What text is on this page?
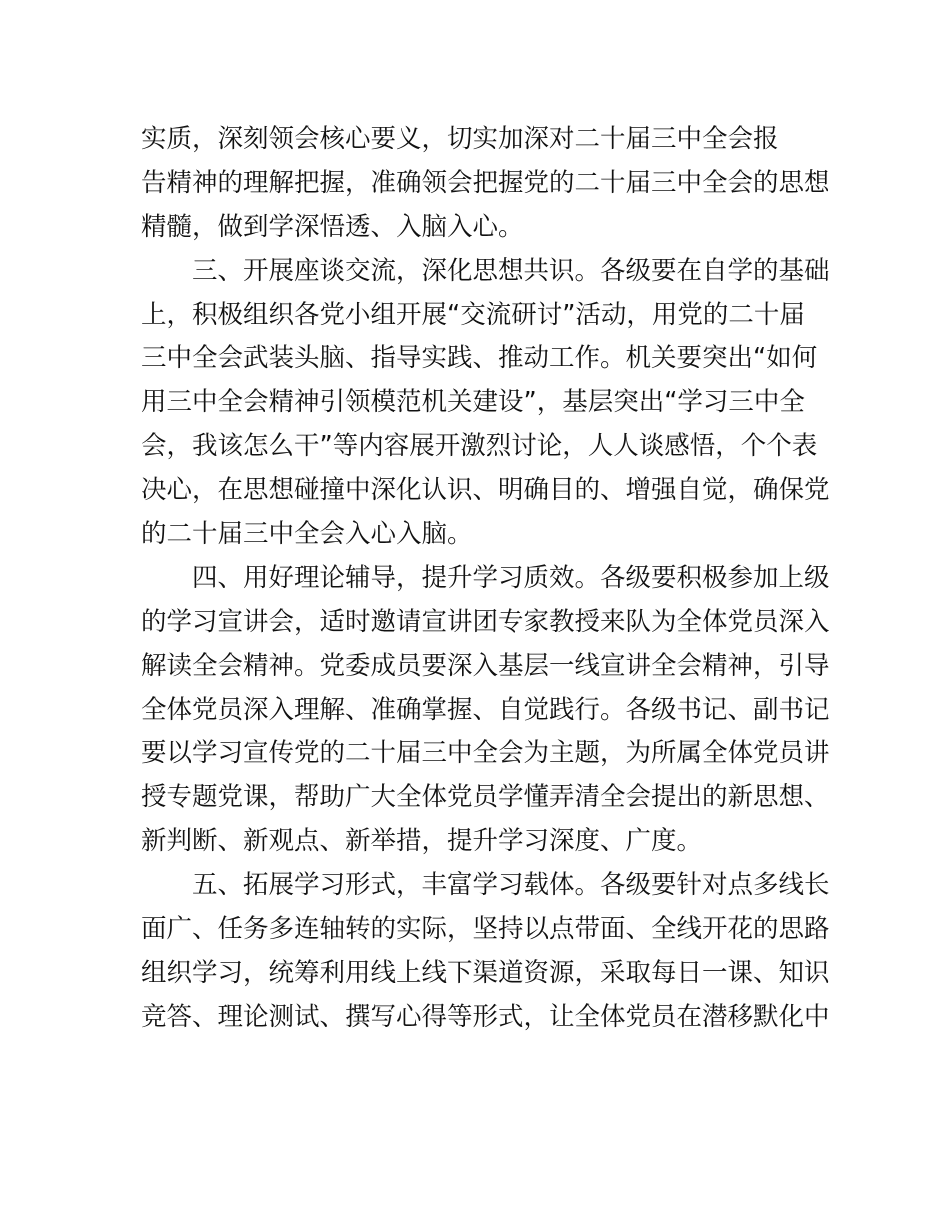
实质，深刻领会核心要义，切实加深对二十届三中全会报
告精神的理解把握，准确领会把握党的二十届三中全会的思想
精髓，做到学深悟透、入脑入心。
三、开展座谈交流，深化思想共识。各级要在自学的基础
上，积极组织各党小组开展“交流研讨”活动，用党的二十届
三中全会武装头脑、指导实践、推动工作。机关要突出“如何
用三中全会精神引领模范机关建设”，基层突出“学习三中全
会，我该怎么干”等内容展开激烈讨论，人人谈感悟，个个表
决心，在思想碰撞中深化认识、明确目的、增强自觉，确保党
的二十届三中全会入心入脑。
四、用好理论辅导，提升学习质效。各级要积极参加上级
的学习宣讲会，适时邀请宣讲团专家教授来队为全体党员深入
解读全会精神。党委成员要深入基层一线宣讲全会精神，引导
全体党员深入理解、准确掌握、自觉践行。各级书记、副书记
要以学习宣传党的二十届三中全会为主题，为所属全体党员讲
授专题党课，帮助广大全体党员学懂弄清全会提出的新思想、
新判断、新观点、新举措，提升学习深度、广度。
五、拓展学习形式，丰富学习载体。各级要针对点多线长
面广、任务多连轴转的实际，坚持以点带面、全线开花的思路
组织学习，统筹利用线上线下渠道资源，采取每日一课、知识
竞答、理论测试、撰写心得等形式，让全体党员在潜移默化中
